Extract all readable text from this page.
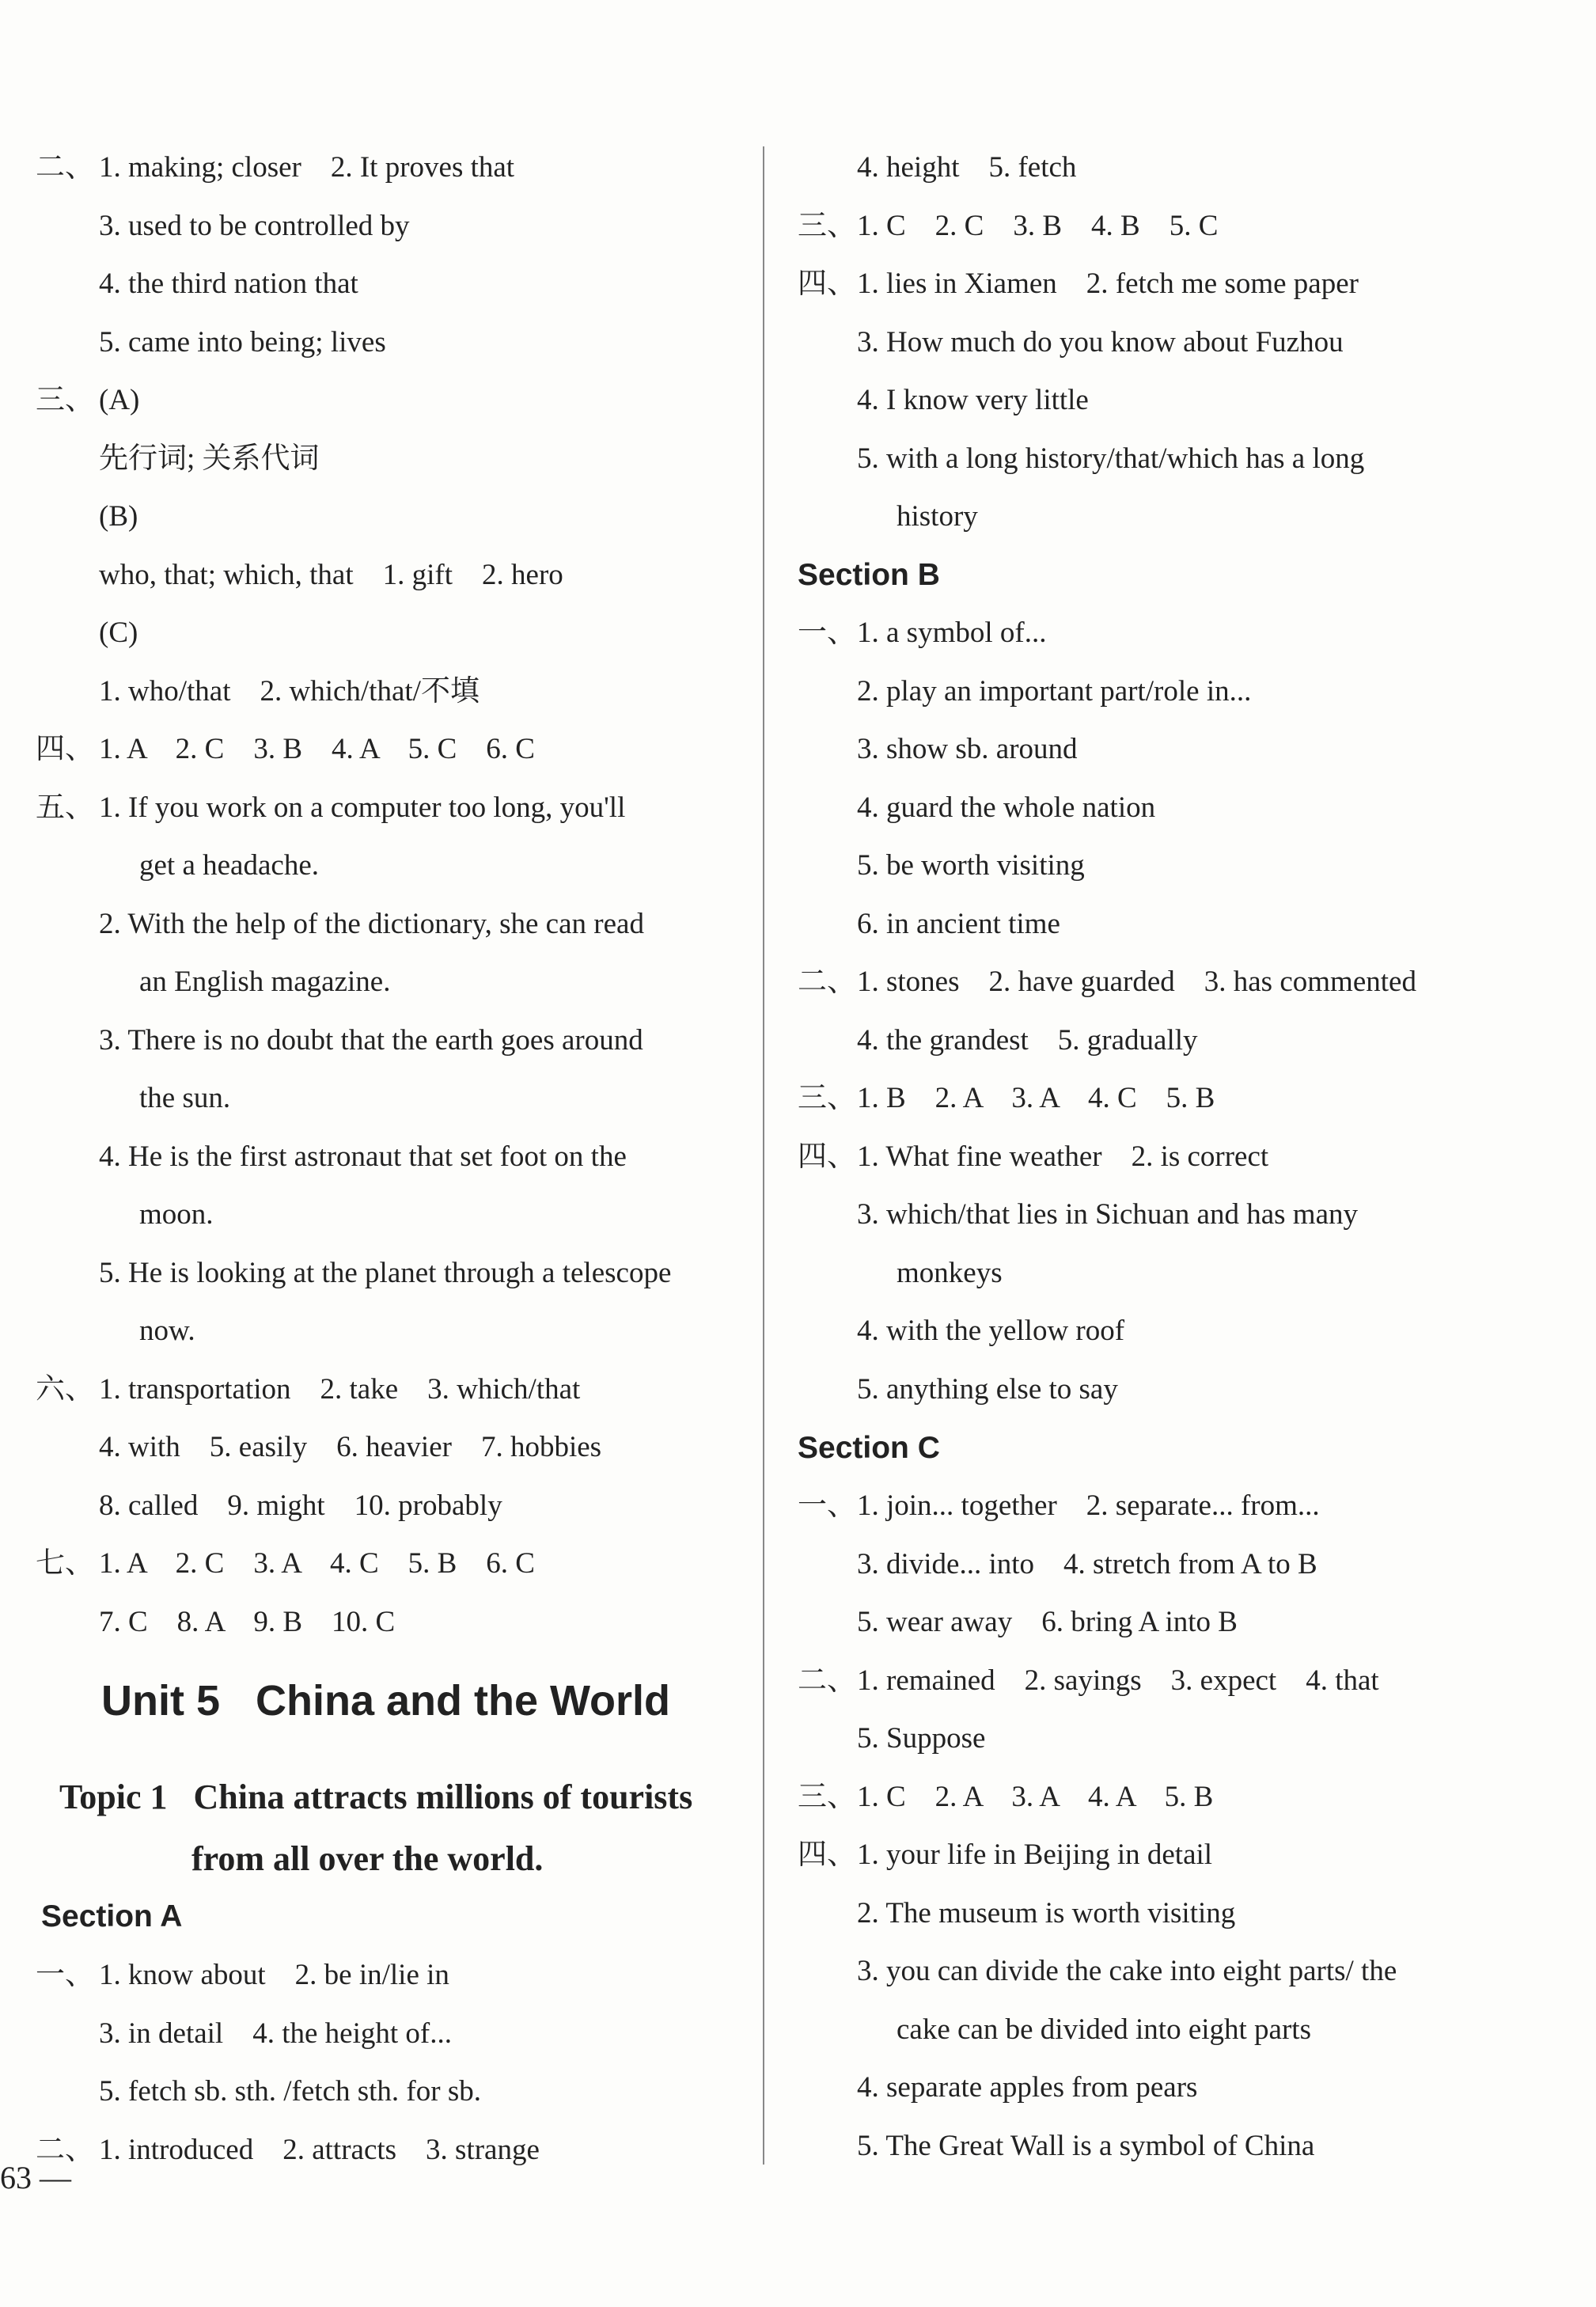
二、 1. making; closer    2. It proves that
3. used to be controlled by
4. the third nation that
5. came into being; lives
三、 (A)
先行词; 关系代词
(B)
who, that; which, that    1. gift    2. hero
(C)
1. who/that    2. which/that/不填
四、 1. A    2. C    3. B    4. A    5. C    6. C
五、 1. If you work on a computer too long, you'll
get a headache.
2. With the help of the dictionary, she can read
an English magazine.
3. There is no doubt that the earth goes around
the sun.
4. He is the first astronaut that set foot on the
moon.
5. He is looking at the planet through a telescope
now.
六、 1. transportation    2. take    3. which/that
4. with    5. easily    6. heavier    7. hobbies
8. called    9. might    10. probably
七、 1. A    2. C    3. A    4. C    5. B    6. C
7. C    8. A    9. B    10. C
Unit 5   China and the World
Topic 1   China attracts millions of tourists
from all over the world.
Section A
一、 1. know about    2. be in/lie in
3. in detail    4. the height of...
5. fetch sb. sth. /fetch sth. for sb.
二、 1. introduced    2. attracts    3. strange
4. height    5. fetch
三、 1. C    2. C    3. B    4. B    5. C
四、 1. lies in Xiamen    2. fetch me some paper
3. How much do you know about Fuzhou
4. I know very little
5. with a long history/that/which has a long
history
Section B
一、 1. a symbol of...
2. play an important part/role in...
3. show sb. around
4. guard the whole nation
5. be worth visiting
6. in ancient time
二、 1. stones    2. have guarded    3. has commented
4. the grandest    5. gradually
三、 1. B    2. A    3. A    4. C    5. B
四、 1. What fine weather    2. is correct
3. which/that lies in Sichuan and has many
monkeys
4. with the yellow roof
5. anything else to say
Section C
一、 1. join... together    2. separate... from...
3. divide... into    4. stretch from A to B
5. wear away    6. bring A into B
二、 1. remained    2. sayings    3. expect    4. that
5. Suppose
三、 1. C    2. A    3. A    4. A    5. B
四、 1. your life in Beijing in detail
2. The museum is worth visiting
3. you can divide the cake into eight parts/ the
cake can be divided into eight parts
4. separate apples from pears
5. The Great Wall is a symbol of China
63 —
